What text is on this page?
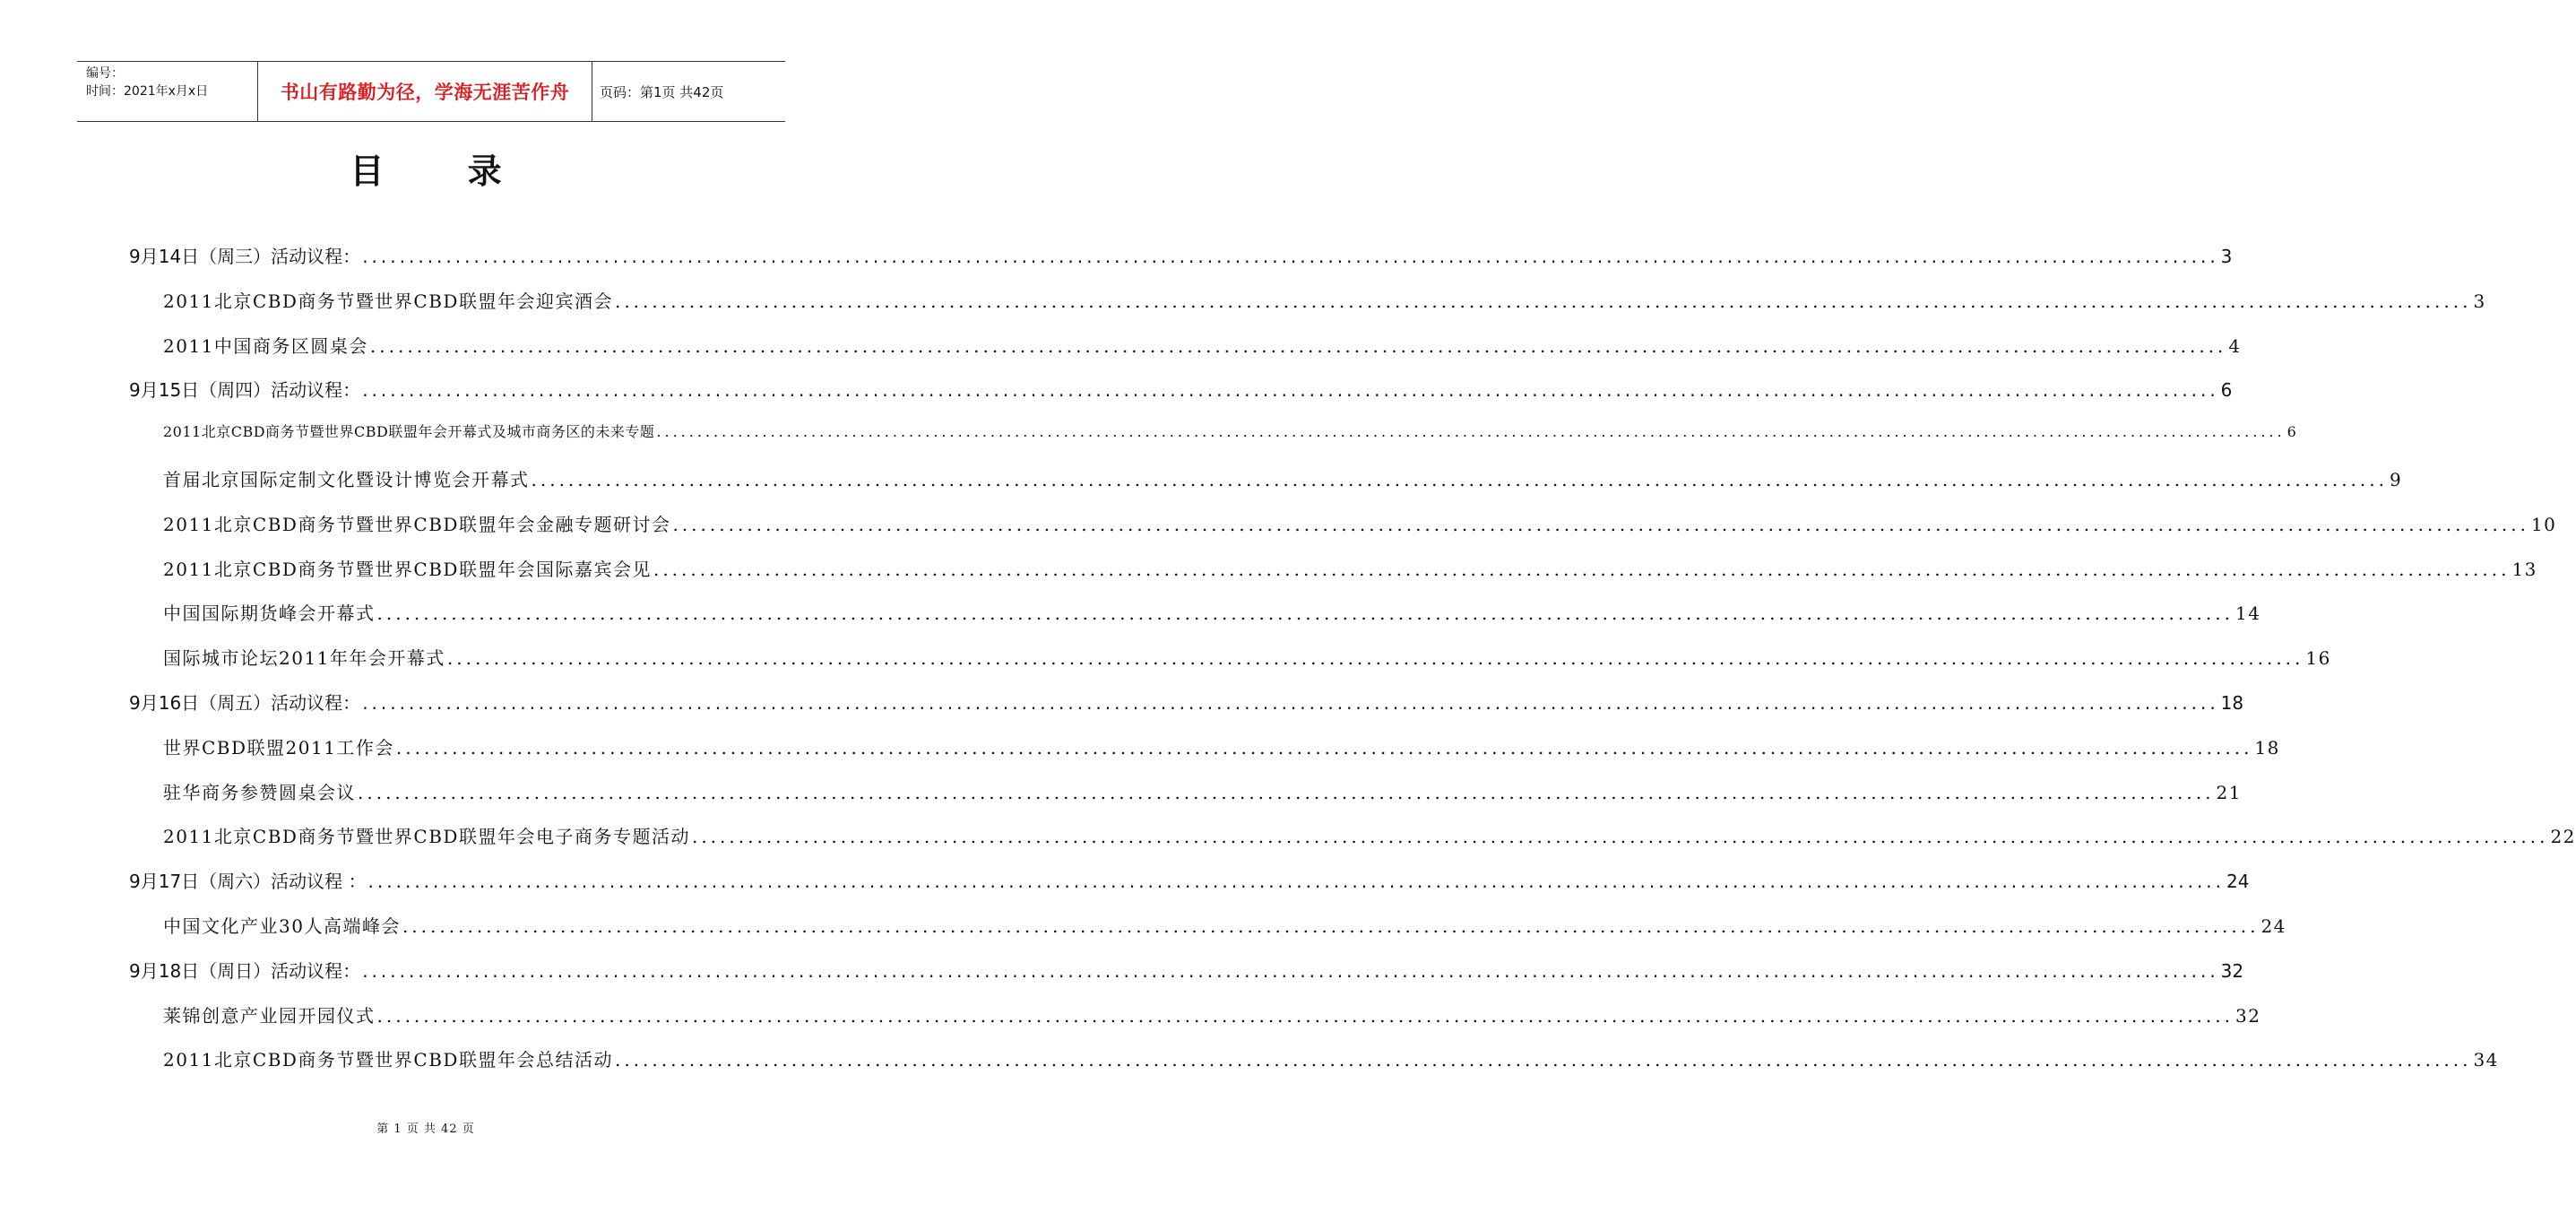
编号：
时间：2021年x月x日	书山有路勤为径，学海无涯苦作舟	页码：第1页 共42页
目 录
9月14日（周三）活动议程： ........................................................................................................................................................................................................ 3
2011北京CBD商务节暨世界CBD联盟年会迎宾酒会 ........................................................................................................................................................................................................ 3
2011中国商务区圆桌会 ........................................................................................................................................................................................................ 4
9月15日（周四）活动议程： ........................................................................................................................................................................................................ 6
2011北京CBD商务节暨世界CBD联盟年会开幕式及城市商务区的未来专题 ........................................................................................................................................................................................................ 6
首届北京国际定制文化暨设计博览会开幕式 ........................................................................................................................................................................................................ 9
2011北京CBD商务节暨世界CBD联盟年会金融专题研讨会 ........................................................................................................................................................................................................ 10
2011北京CBD商务节暨世界CBD联盟年会国际嘉宾会见 ........................................................................................................................................................................................................ 13
中国国际期货峰会开幕式 ........................................................................................................................................................................................................ 14
国际城市论坛2011年年会开幕式 ........................................................................................................................................................................................................ 16
9月16日（周五）活动议程： ........................................................................................................................................................................................................ 18
世界CBD联盟2011工作会 ........................................................................................................................................................................................................ 18
驻华商务参赞圆桌会议 ........................................................................................................................................................................................................ 21
2011北京CBD商务节暨世界CBD联盟年会电子商务专题活动 ........................................................................................................................................................................................................ 22
9月17日（周六）活动议程 ： ........................................................................................................................................................................................................ 24
中国文化产业30人高端峰会 ........................................................................................................................................................................................................ 24
9月18日（周日）活动议程： ........................................................................................................................................................................................................ 32
莱锦创意产业园开园仪式 ........................................................................................................................................................................................................ 32
2011北京CBD商务节暨世界CBD联盟年会总结活动 ........................................................................................................................................................................................................ 34
第 1 页 共 42 页
